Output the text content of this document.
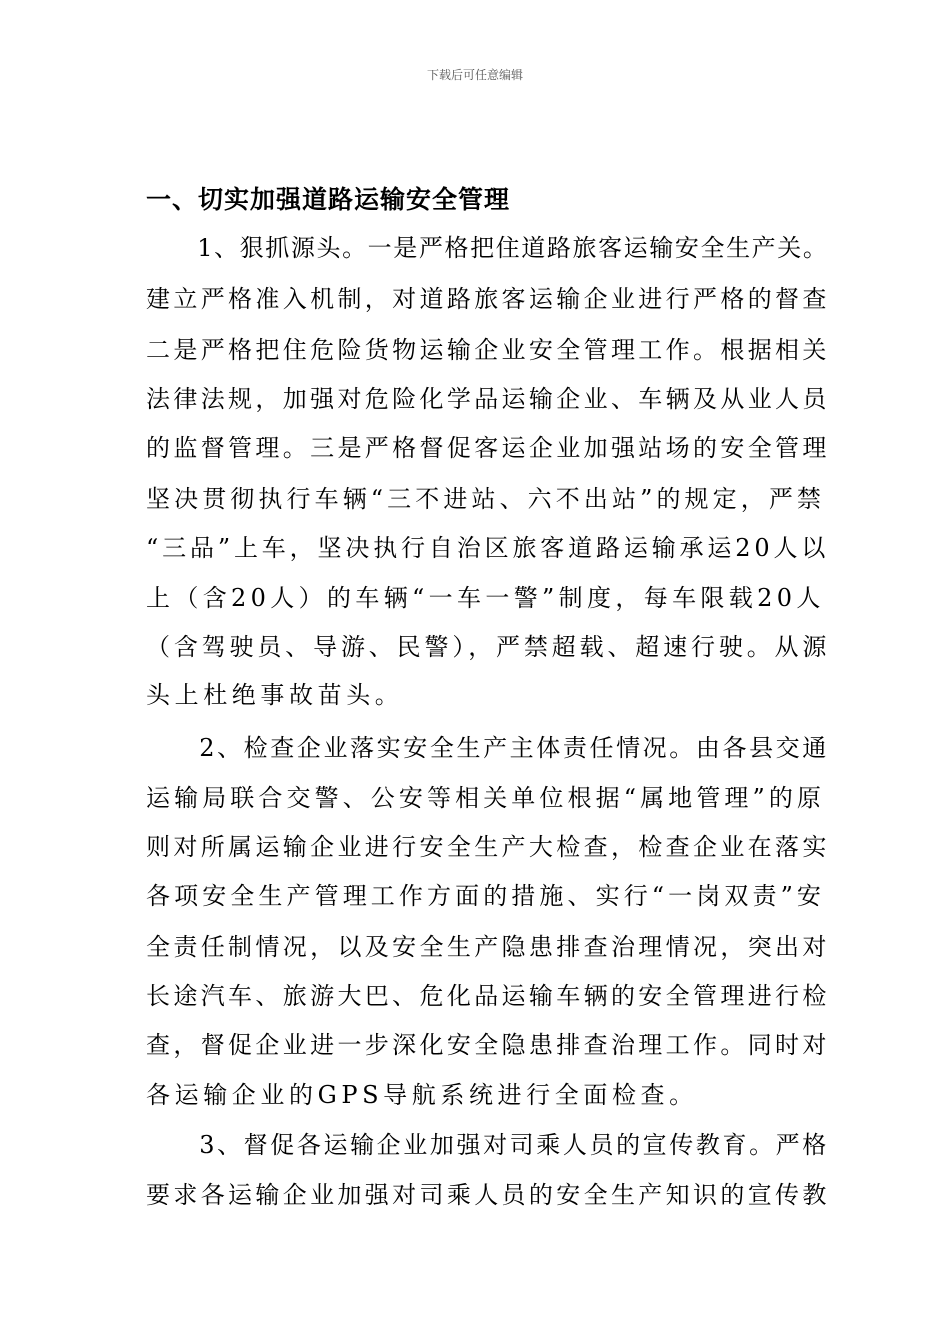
下载后可任意编辑
一、切实加强道路运输安全管理
　　1、狠抓源头。一是严格把住道路旅客运输安全生产关。
建立严格准入机制，对道路旅客运输企业进行严格的督查
二是严格把住危险货物运输企业安全管理工作。根据相关
法律法规，加强对危险化学品运输企业、车辆及从业人员
的监督管理。三是严格督促客运企业加强站场的安全管理
坚决贯彻执行车辆“三不进站、六不出站”的规定，严禁
“三品”上车，坚决执行自治区旅客道路运输承运20人以
上（含20人）的车辆“一车一警”制度，每车限载20人
（含驾驶员、导游、民警），严禁超载、超速行驶。从源
头上杜绝事故苗头。
　　2、检查企业落实安全生产主体责任情况。由各县交通
运输局联合交警、公安等相关单位根据“属地管理”的原
则对所属运输企业进行安全生产大检查，检查企业在落实
各项安全生产管理工作方面的措施、实行“一岗双责”安
全责任制情况，以及安全生产隐患排查治理情况，突出对
长途汽车、旅游大巴、危化品运输车辆的安全管理进行检
查，督促企业进一步深化安全隐患排查治理工作。同时对
各运输企业的GPS导航系统进行全面检查。
　　3、督促各运输企业加强对司乘人员的宣传教育。严格
要求各运输企业加强对司乘人员的安全生产知识的宣传教
